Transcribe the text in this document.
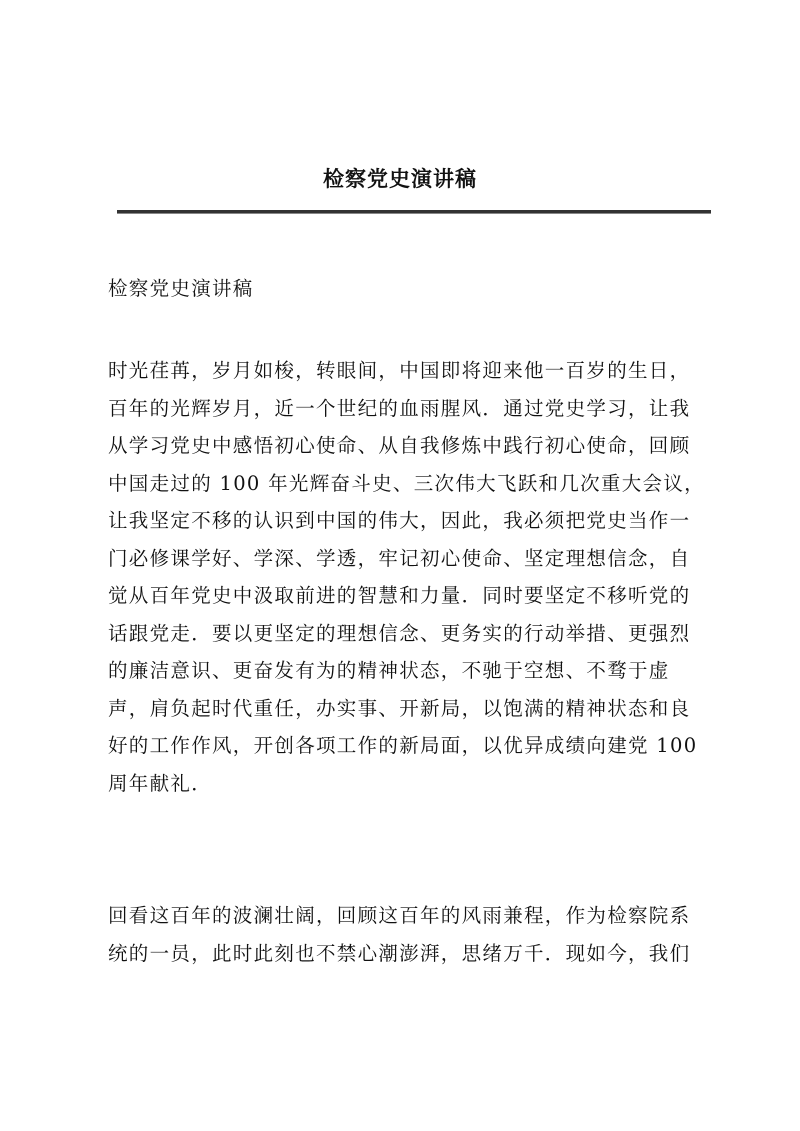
检察党史演讲稿

检察党史演讲稿

时光荏苒，岁月如梭，转眼间，中国即将迎来他一百岁的生日，
百年的光辉岁月，近一个世纪的血雨腥风．通过党史学习，让我
从学习党史中感悟初心使命、从自我修炼中践行初心使命，回顾
中国走过的 100 年光辉奋斗史、三次伟大飞跃和几次重大会议，
让我坚定不移的认识到中国的伟大，因此，我必须把党史当作一
门必修课学好、学深、学透，牢记初心使命、坚定理想信念，自
觉从百年党史中汲取前进的智慧和力量．同时要坚定不移听党的
话跟党走．要以更坚定的理想信念、更务实的行动举措、更强烈
的廉洁意识、更奋发有为的精神状态，不驰于空想、不骛于虚
声，肩负起时代重任，办实事、开新局，以饱满的精神状态和良
好的工作作风，开创各项工作的新局面，以优异成绩向建党 100
周年献礼．

回看这百年的波澜壮阔，回顾这百年的风雨兼程，作为检察院系
统的一员，此时此刻也不禁心潮澎湃，思绪万千．现如今，我们
